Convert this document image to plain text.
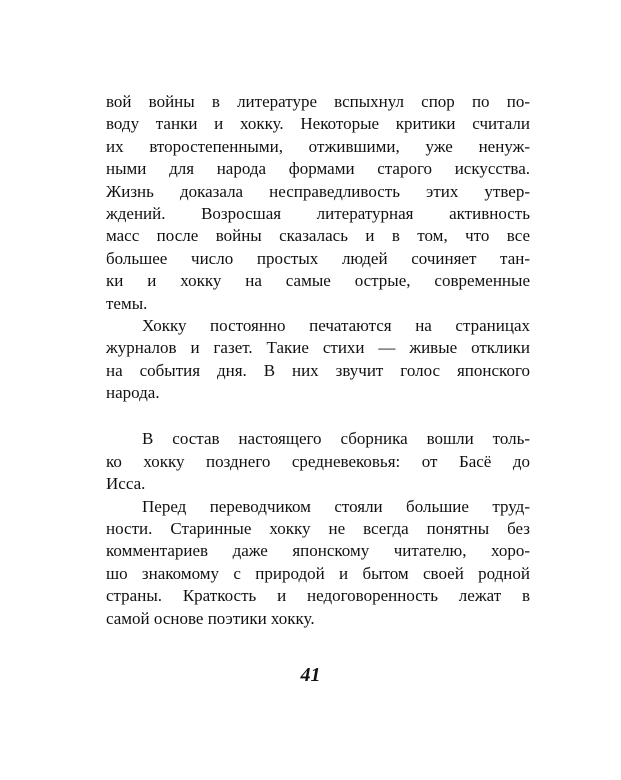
вой войны в литературе вспыхнул спор по по-
воду танки и хокку. Некоторые критики считали
их второстепенными, отжившими, уже ненуж-
ными для народа формами старого искусства.
Жизнь доказала несправедливость этих утвер-
ждений. Возросшая литературная активность
масс после войны сказалась и в том, что все
большее число простых людей сочиняет тан-
ки и хокку на самые острые, современные
темы.
Хокку постоянно печатаются на страницах
журналов и газет. Такие стихи — живые отклики
на события дня. В них звучит голос японского
народа.
В состав настоящего сборника вошли толь-
ко хокку позднего средневековья: от Басё до
Исса.
Перед переводчиком стояли большие труд-
ности. Старинные хокку не всегда понятны без
комментариев даже японскому читателю, хоро-
шо знакомому с природой и бытом своей родной
страны. Краткость и недоговоренность лежат в
самой основе поэтики хокку.
41
